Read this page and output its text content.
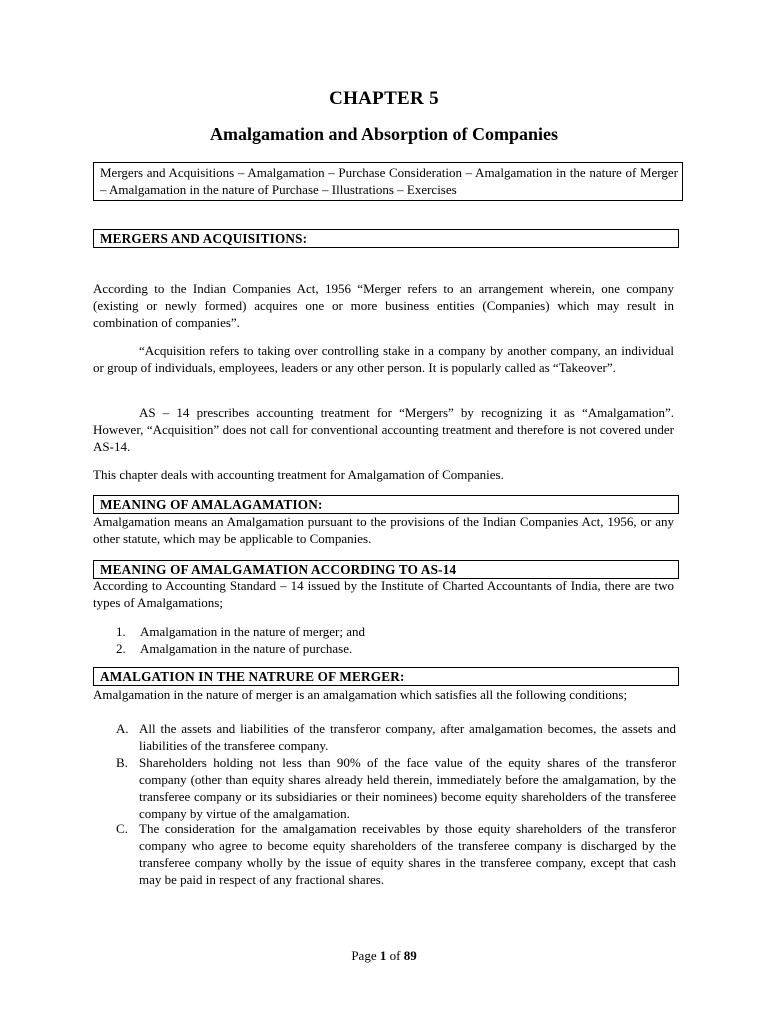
CHAPTER 5
Amalgamation and Absorption of Companies
Mergers and Acquisitions – Amalgamation – Purchase Consideration – Amalgamation in the nature of Merger – Amalgamation in the nature of Purchase – Illustrations – Exercises
MERGERS AND ACQUISITIONS:
According to the Indian Companies Act, 1956 “Merger refers to an arrangement wherein, one company (existing or newly formed) acquires one or more business entities (Companies) which may result in combination of companies”.
“Acquisition refers to taking over controlling stake in a company by another company, an individual or group of individuals, employees, leaders or any other person. It is popularly called as “Takeover”.
AS – 14 prescribes accounting treatment for “Mergers” by recognizing it as “Amalgamation”. However, “Acquisition” does not call for conventional accounting treatment and therefore is not covered under AS-14.
This chapter deals with accounting treatment for Amalgamation of Companies.
MEANING OF AMALAGAMATION:
Amalgamation means an Amalgamation pursuant to the provisions of the Indian Companies Act, 1956, or any other statute, which may be applicable to Companies.
MEANING OF AMALGAMATION ACCORDING TO AS-14
According to Accounting Standard – 14 issued by the Institute of Charted Accountants of India, there are two types of Amalgamations;
1. Amalgamation in the nature of merger; and
2. Amalgamation in the nature of purchase.
AMALGATION IN THE NATRURE OF MERGER:
Amalgamation in the nature of merger is an amalgamation which satisfies all the following conditions;
A. All the assets and liabilities of the transferor company, after amalgamation becomes, the assets and liabilities of the transferee company.
B. Shareholders holding not less than 90% of the face value of the equity shares of the transferor company (other than equity shares already held therein, immediately before the amalgamation, by the transferee company or its subsidiaries or their nominees) become equity shareholders of the transferee company by virtue of the amalgamation.
C. The consideration for the amalgamation receivables by those equity shareholders of the transferor company who agree to become equity shareholders of the transferee company is discharged by the transferee company wholly by the issue of equity shares in the transferee company, except that cash may be paid in respect of any fractional shares.
Page 1 of 89
